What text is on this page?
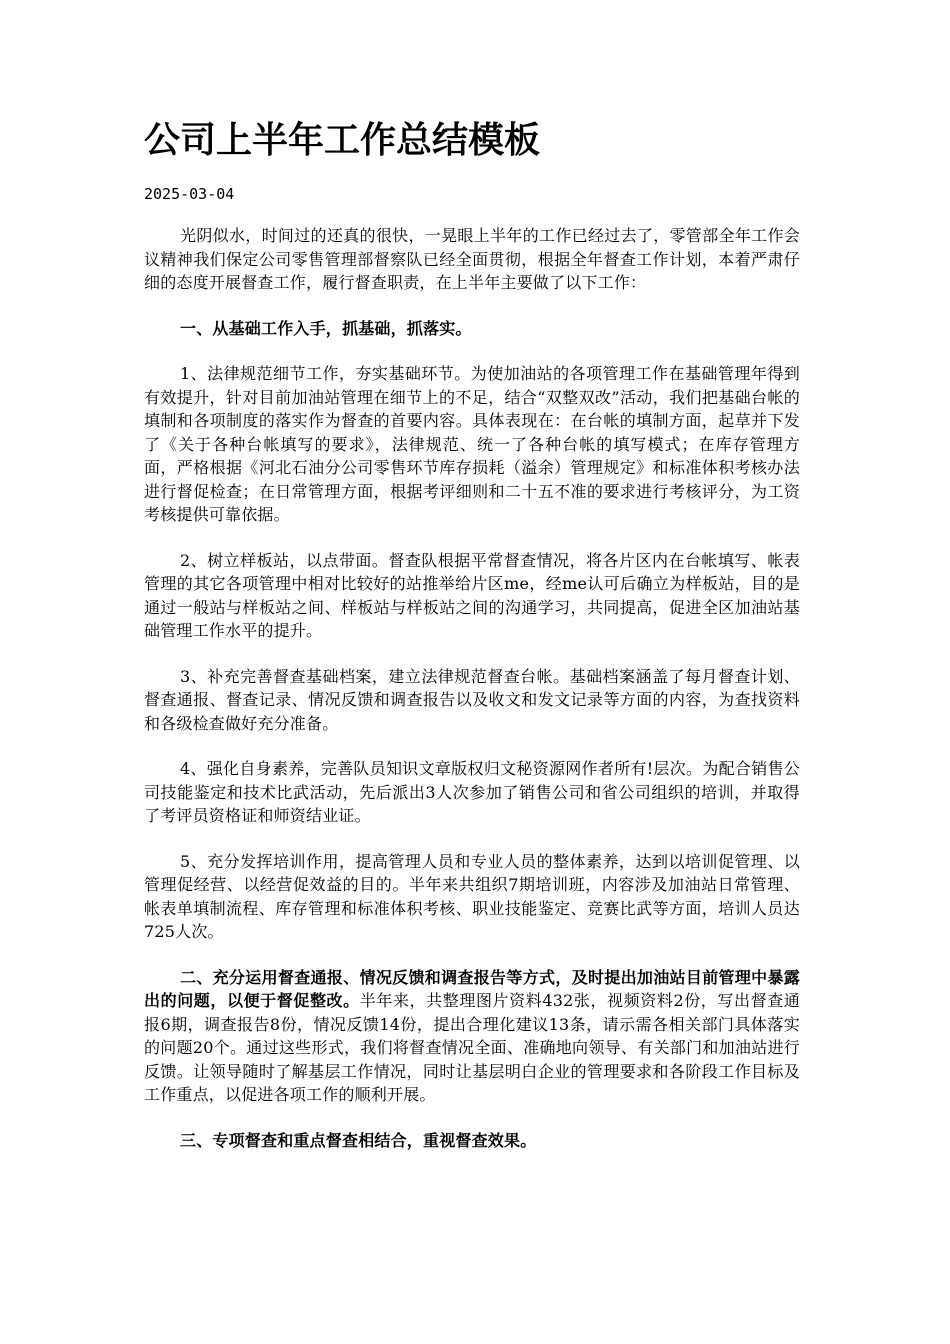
公司上半年工作总结模板
2025-03-04

光阴似水，时间过的还真的很快，一晃眼上半年的工作已经过去了，零管部全年工作会议精神我们保定公司零售管理部督察队已经全面贯彻，根据全年督查工作计划，本着严肃仔细的态度开展督查工作，履行督查职责，在上半年主要做了以下工作：

一、从基础工作入手，抓基础，抓落实。

1、法律规范细节工作，夯实基础环节。为使加油站的各项管理工作在基础管理年得到有效提升，针对目前加油站管理在细节上的不足，结合“双整双改”活动，我们把基础台帐的填制和各项制度的落实作为督查的首要内容。具体表现在：在台帐的填制方面，起草并下发了《关于各种台帐填写的要求》，法律规范、统一了各种台帐的填写模式；在库存管理方面，严格根据《河北石油分公司零售环节库存损耗（溢余）管理规定》和标准体积考核办法进行督促检查；在日常管理方面，根据考评细则和二十五不准的要求进行考核评分，为工资考核提供可靠依据。

2、树立样板站，以点带面。督查队根据平常督查情况，将各片区内在台帐填写、帐表管理的其它各项管理中相对比较好的站推举给片区me，经me认可后确立为样板站，目的是通过一般站与样板站之间、样板站与样板站之间的沟通学习，共同提高，促进全区加油站基础管理工作水平的提升。

3、补充完善督查基础档案，建立法律规范督查台帐。基础档案涵盖了每月督查计划、督查通报、督查记录、情况反馈和调查报告以及收文和发文记录等方面的内容，为查找资料和各级检查做好充分准备。

4、强化自身素养，完善队员知识文章版权归文秘资源网作者所有!层次。为配合销售公司技能鉴定和技术比武活动，先后派出3人次参加了销售公司和省公司组织的培训，并取得了考评员资格证和师资结业证。

5、充分发挥培训作用，提高管理人员和专业人员的整体素养，达到以培训促管理、以管理促经营、以经营促效益的目的。半年来共组织7期培训班，内容涉及加油站日常管理、帐表单填制流程、库存管理和标准体积考核、职业技能鉴定、竞赛比武等方面，培训人员达725人次。

二、充分运用督查通报、情况反馈和调查报告等方式，及时提出加油站目前管理中暴露出的问题，以便于督促整改。半年来，共整理图片资料432张，视频资料2份，写出督查通报6期，调查报告8份，情况反馈14份，提出合理化建议13条，请示需各相关部门具体落实的问题20个。通过这些形式，我们将督查情况全面、准确地向领导、有关部门和加油站进行反馈。让领导随时了解基层工作情况，同时让基层明白企业的管理要求和各阶段工作目标及工作重点，以促进各项工作的顺利开展。

三、专项督查和重点督查相结合，重视督查效果。
